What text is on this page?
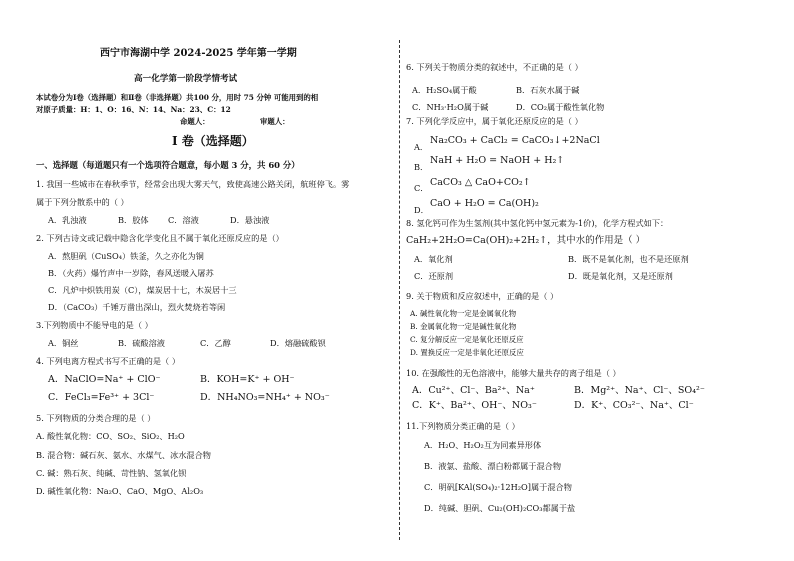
西宁市海湖中学 2024-2025 学年第一学期
高一化学第一阶段学情考试
本试卷分为Ⅰ卷（选择题）和Ⅱ卷（非选择题）共100 分，用时 75 分钟 可能用到的相
对原子质量：H：1、O：16、N：14、Na：23、C：12
命题人：	审题人：
Ⅰ 卷（选择题）
一、选择题（每道题只有一个选项符合题意，每小题 3 分，共 60 分）
1. 我国一些城市在春秋季节，经常会出现大雾天气，致使高速公路关闭，航班停飞。雾
属于下列分散系中的（ ）
A．乳浊液	B．胶体 C．溶液	D．悬浊液
2. 下列古诗文或记载中隐含化学变化且不属于氧化还原反应的是（）
A．熬胆矾（CuSO₄）铁釜，久之亦化为铜
B．（火药）爆竹声中一岁除，春风送暖入屠苏
C．凡炉中炽铁用炭（C），煤炭居十七，木炭居十三
D．（CaCO₃）千锤万凿出深山，烈火焚烧若等闲
3.下列物质中不能导电的是（ ）
A．铜丝	B．硫酸溶液	C．乙醇	D．熔融硫酸钡
4. 下列电离方程式书写不正确的是（ ）
A．NaClO=Na⁺ + ClO⁻	B．KOH=K⁺ + OH⁻
C．FeCl₃=Fe³⁺ + 3Cl⁻	D．NH₄NO₃=NH₄⁺ + NO₃⁻
5. 下列物质的分类合理的是（ ）
A. 酸性氧化物：CO、SO₂、SiO₂、H₂O
B. 混合物：碱石灰、氨水、水煤气、冰水混合物
C. 碱：熟石灰、纯碱、苛性钠、氢氧化钡
D. 碱性氧化物：Na₂O、CaO、MgO、Al₂O₃
6. 下列关于物质分类的叙述中，不正确的是（ ）
A．H₂SO₄属于酸	B．石灰水属于碱
C．NH₃·H₂O属于碱	D．CO₂属于酸性氧化物
7. 下列化学反应中，属于氧化还原反应的是（ ）
A．
Na₂CO₃ + CaCl₂ = CaCO₃↓+2NaCl
B．
NaH + H₂O = NaOH + H₂↑
C． CaCO₃ △ CaO+CO₂↑
D．
CaO + H₂O = Ca(OH)₂
8. 氢化钙可作为生氢剂(其中氢化钙中氢元素为-1价)，化学方程式如下：
CaH₂+2H₂O=Ca(OH)₂+2H₂↑，其中水的作用是（ ）
A．氧化剂	B．既不是氧化剂，也不是还原剂
C．还原剂	D．既是氧化剂，又是还原剂
9. 关于物质和反应叙述中，正确的是（ ）
A. 碱性氧化物一定是金属氧化物
B. 金属氧化物一定是碱性氧化物
C. 复分解反应一定是氧化还原反应
D. 置换反应一定是非氧化还原反应
10. 在强酸性的无色溶液中，能够大量共存的离子组是（ ）
A．Cu²⁺、Cl⁻、Ba²⁺、Na⁺	B．Mg²⁺、Na⁺、Cl⁻、SO₄²⁻
C．K⁺、Ba²⁺、OH⁻、NO₃⁻	D．K⁺、CO₃²⁻、Na⁺、Cl⁻
11.下列物质分类正确的是（ ）
A．H₂O、H₂O₂互为同素异形体
B．液氯、盐酸、漂白粉都属于混合物
C．明矾[KAl(SO₄)₂·12H₂O]属于混合物
D．纯碱、胆矾、Cu₂(OH)₂CO₃都属于盐
